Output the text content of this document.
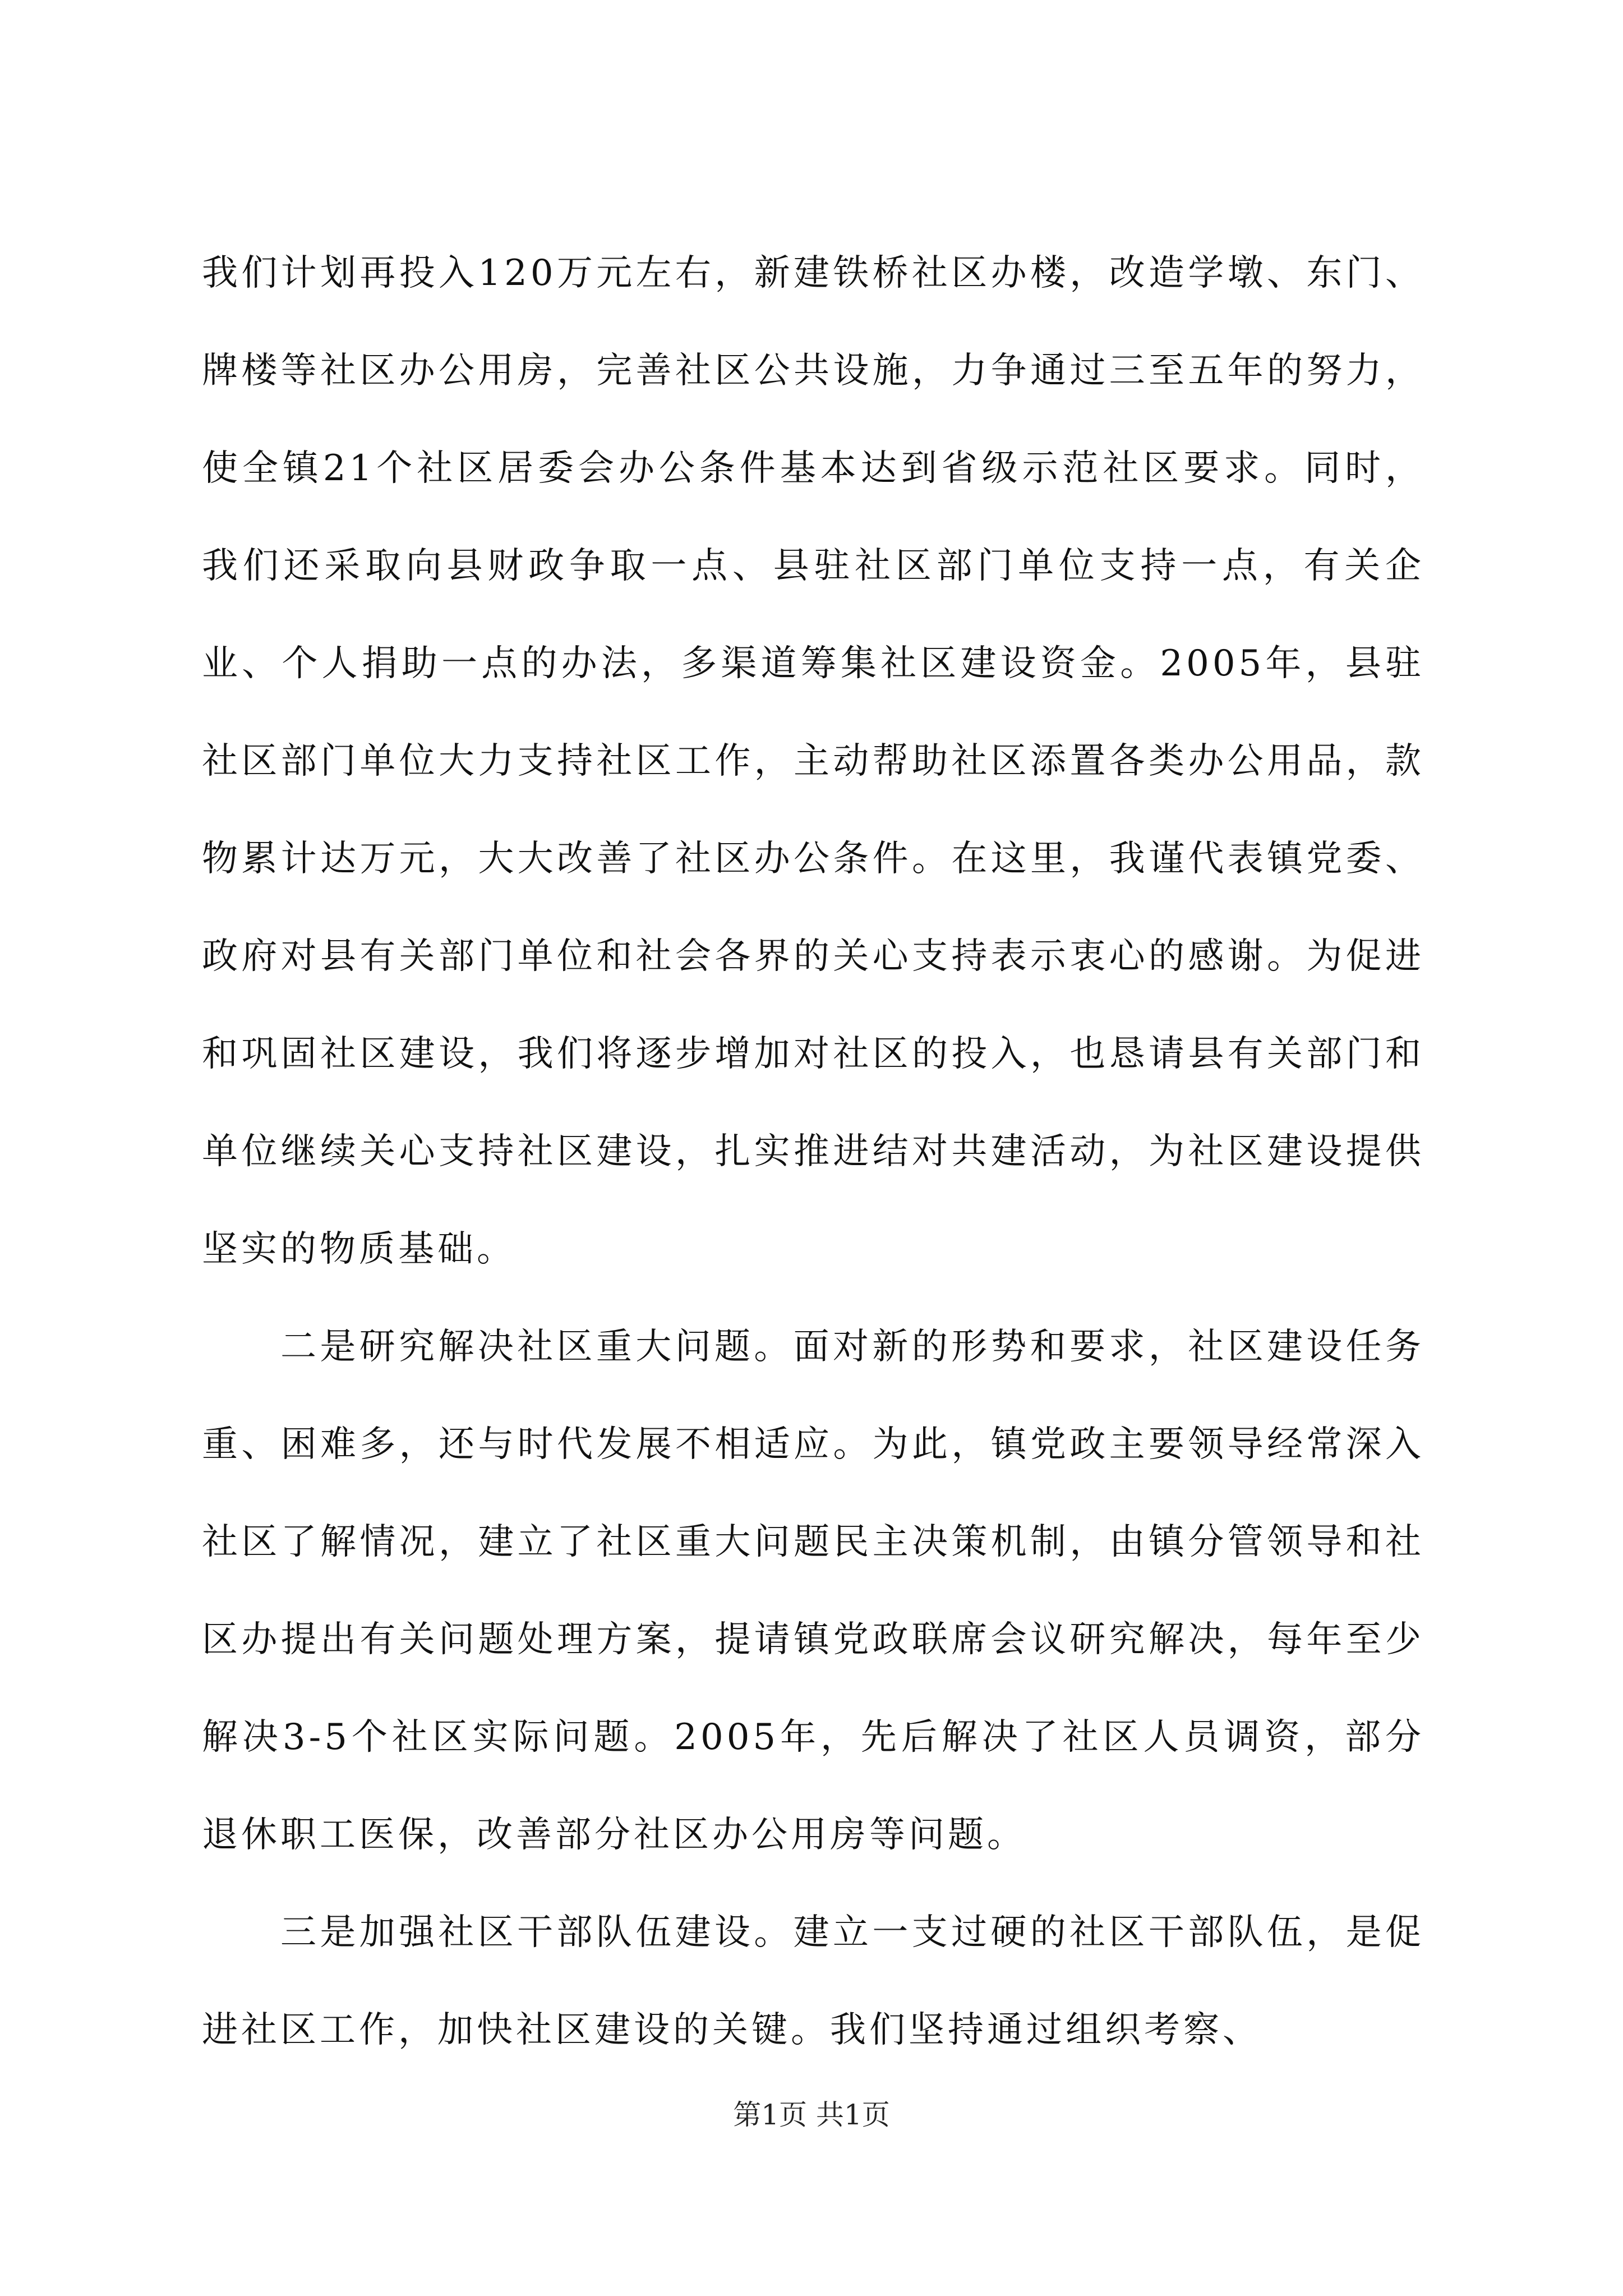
我们计划再投入120万元左右，新建铁桥社区办楼，改造学墩、东门、牌楼等社区办公用房，完善社区公共设施，力争通过三至五年的努力，使全镇21个社区居委会办公条件基本达到省级示范社区要求。同时，我们还采取向县财政争取一点、县驻社区部门单位支持一点，有关企业、个人捐助一点的办法，多渠道筹集社区建设资金。2005年，县驻社区部门单位大力支持社区工作，主动帮助社区添置各类办公用品，款物累计达万元，大大改善了社区办公条件。在这里，我谨代表镇党委、政府对县有关部门单位和社会各界的关心支持表示衷心的感谢。为促进和巩固社区建设，我们将逐步增加对社区的投入，也恳请县有关部门和单位继续关心支持社区建设，扎实推进结对共建活动，为社区建设提供坚实的物质基础。

二是研究解决社区重大问题。面对新的形势和要求，社区建设任务重、困难多，还与时代发展不相适应。为此，镇党政主要领导经常深入社区了解情况，建立了社区重大问题民主决策机制，由镇分管领导和社区办提出有关问题处理方案，提请镇党政联席会议研究解决，每年至少解决3-5个社区实际问题。2005年，先后解决了社区人员调资，部分退休职工医保，改善部分社区办公用房等问题。

三是加强社区干部队伍建设。建立一支过硬的社区干部队伍，是促进社区工作，加快社区建设的关键。我们坚持通过组织考察、

第1页 共1页
